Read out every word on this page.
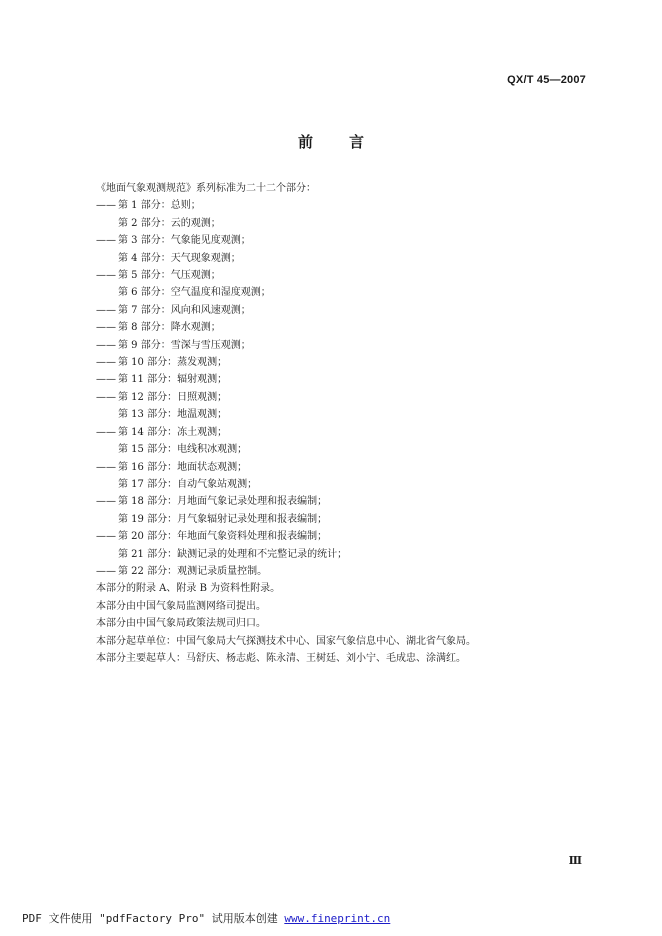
QX/T 45—2007
前言
《地面气象观测规范》系列标准为二十二个部分：
—— 第 1 部分：总则；
第 2 部分：云的观测；
—— 第 3 部分：气象能见度观测；
第 4 部分：天气现象观测；
—— 第 5 部分：气压观测；
第 6 部分：空气温度和湿度观测；
—— 第 7 部分：风向和风速观测；
—— 第 8 部分：降水观测；
—— 第 9 部分：雪深与雪压观测；
—— 第 10 部分：蒸发观测；
—— 第 11 部分：辐射观测；
—— 第 12 部分：日照观测；
第 13 部分：地温观测；
—— 第 14 部分：冻土观测；
第 15 部分：电线积冰观测；
—— 第 16 部分：地面状态观测；
第 17 部分：自动气象站观测；
—— 第 18 部分：月地面气象记录处理和报表编制；
第 19 部分：月气象辐射记录处理和报表编制；
—— 第 20 部分：年地面气象资料处理和报表编制；
第 21 部分：缺测记录的处理和不完整记录的统计；
—— 第 22 部分：观测记录质量控制。
本部分的附录 A、附录 B 为资料性附录。
本部分由中国气象局监测网络司提出。
本部分由中国气象局政策法规司归口。
本部分起草单位：中国气象局大气探测技术中心、国家气象信息中心、湖北省气象局。
本部分主要起草人：马舒庆、杨志彪、陈永清、王树廷、刘小宁、毛成忠、涂满红。
Ⅲ
PDF 文件使用 "pdfFactory Pro" 试用版本创建 www.fineprint.cn
